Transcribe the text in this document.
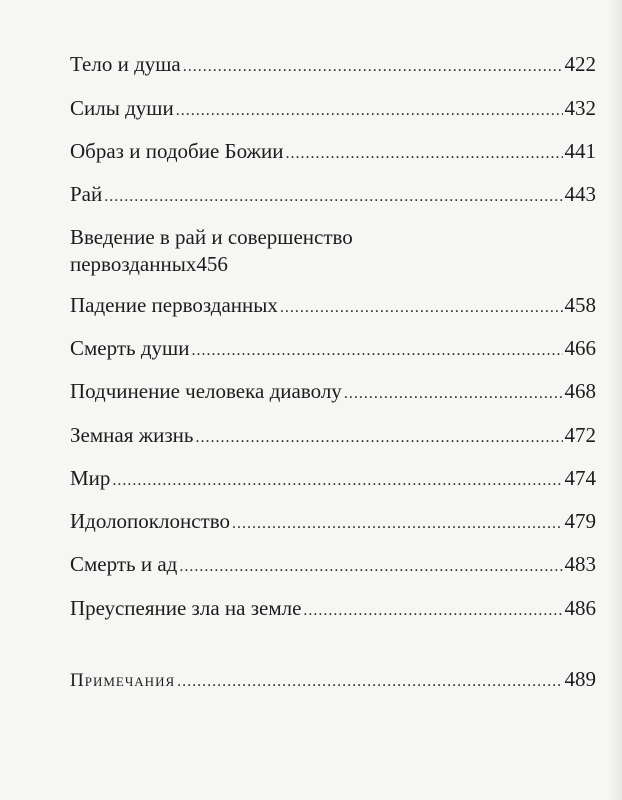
Тело и душа .....	422
Силы души .....	432
Образ и подобие Божии .....	441
Рай .....	443
Введение в рай и совершенство
первозданных 456
Падение первозданных .....	458
Смерть души .....	466
Подчинение человека диаволу .....	468
Земная жизнь .....	472
Мир .....	474
Идолопоклонство .....	479
Смерть и ад .....	483
Преуспеяние зла на земле .....	486
Примечания .....	489
